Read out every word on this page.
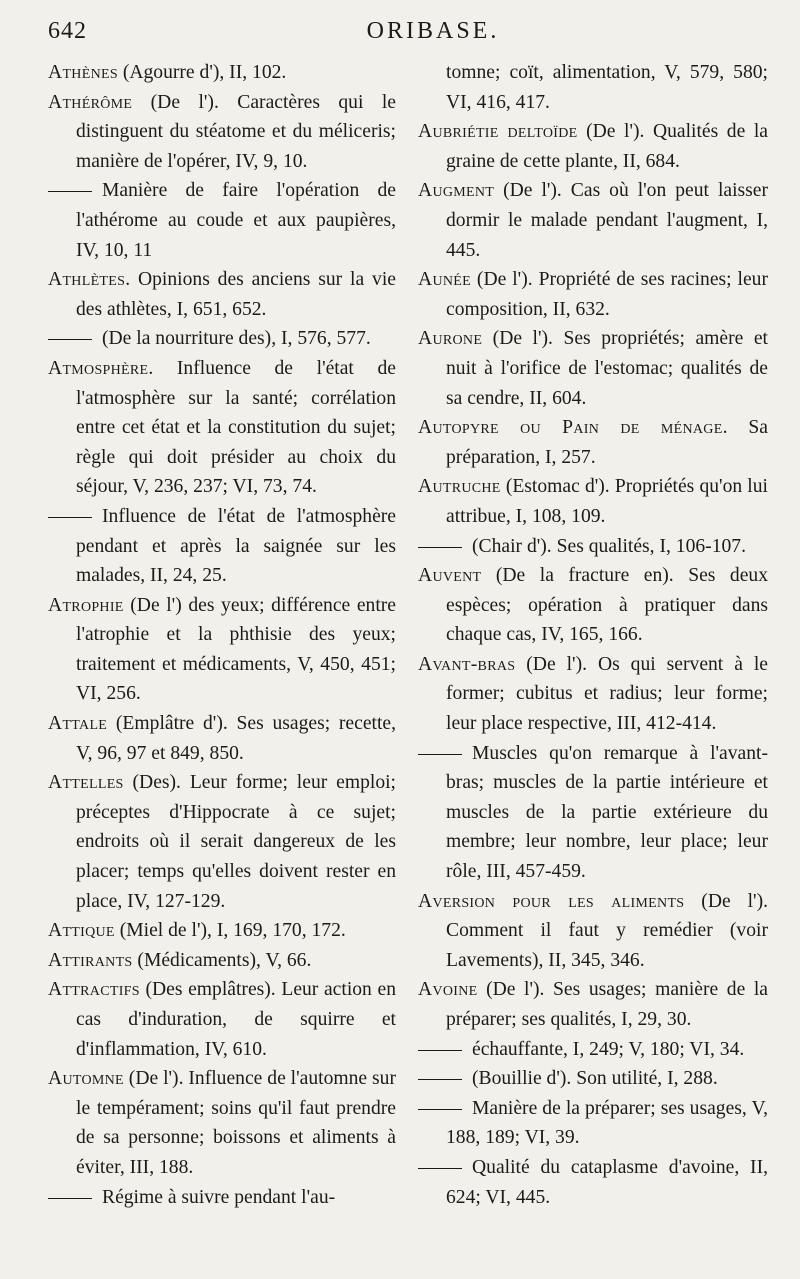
642	ORIBASE.

Athènes (Agourre d'), II, 102.

Athérôme (De l'). Caractères qui le distinguent du stéatome et du méliceris; manière de l'opérer, IV, 9, 10.

Manière de faire l'opération de l'athérome au coude et aux paupières, IV, 10, 11

Athlètes. Opinions des anciens sur la vie des athlètes, I, 651, 652.

(De la nourriture des), I, 576, 577.

Atmosphère. Influence de l'état de l'atmosphère sur la santé; corrélation entre cet état et la constitution du sujet; règle qui doit présider au choix du séjour, V, 236, 237; VI, 73, 74.

Influence de l'état de l'atmosphère pendant et après la saignée sur les malades, II, 24, 25.

Atrophie (De l') des yeux; différence entre l'atrophie et la phthisie des yeux; traitement et médicaments, V, 450, 451; VI, 256.

Attale (Emplâtre d'). Ses usages; recette, V, 96, 97 et 849, 850.

Attelles (Des). Leur forme; leur emploi; préceptes d'Hippocrate à ce sujet; endroits où il serait dangereux de les placer; temps qu'elles doivent rester en place, IV, 127-129.

Attique (Miel de l'), I, 169, 170, 172.

Attirants (Médicaments), V, 66.

Attractifs (Des emplâtres). Leur action en cas d'induration, de squirre et d'inflammation, IV, 610.

Automne (De l'). Influence de l'automne sur le tempérament; soins qu'il faut prendre de sa personne; boissons et aliments à éviter, III, 188.

Régime à suivre pendant l'au-

tomne; coït, alimentation, V, 579, 580; VI, 416, 417.

Aubriétie deltoïde (De l'). Qualités de la graine de cette plante, II, 684.

Augment (De l'). Cas où l'on peut laisser dormir le malade pendant l'augment, I, 445.

Aunée (De l'). Propriété de ses racines; leur composition, II, 632.

Aurone (De l'). Ses propriétés; amère et nuit à l'orifice de l'estomac; qualités de sa cendre, II, 604.

Autopyre ou Pain de ménage. Sa préparation, I, 257.

Autruche (Estomac d'). Propriétés qu'on lui attribue, I, 108, 109.

(Chair d'). Ses qualités, I, 106-107.

Auvent (De la fracture en). Ses deux espèces; opération à pratiquer dans chaque cas, IV, 165, 166.

Avant-bras (De l'). Os qui servent à le former; cubitus et radius; leur forme; leur place respective, III, 412-414.

Muscles qu'on remarque à l'avant-bras; muscles de la partie intérieure et muscles de la partie extérieure du membre; leur nombre, leur place; leur rôle, III, 457-459.

Aversion pour les aliments (De l'). Comment il faut y remédier (voir Lavements), II, 345, 346.

Avoine (De l'). Ses usages; manière de la préparer; ses qualités, I, 29, 30.

échauffante, I, 249; V, 180; VI, 34.

(Bouillie d'). Son utilité, I, 288.

Manière de la préparer; ses usages, V, 188, 189; VI, 39.

Qualité du cataplasme d'avoine, II, 624; VI, 445.
